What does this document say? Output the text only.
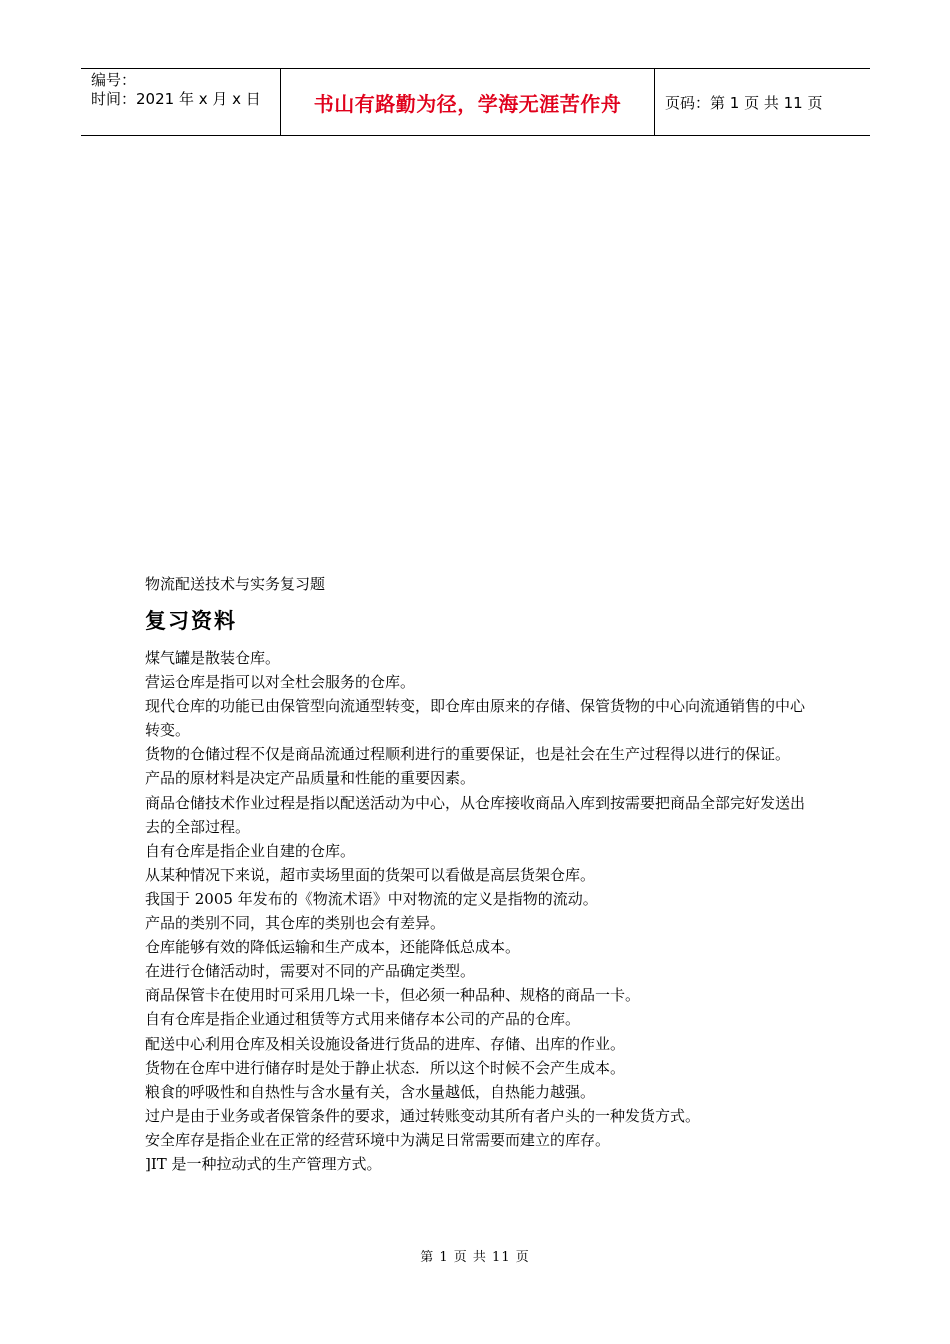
编号：
时间：2021 年 x 月 x 日	书山有路勤为径，学海无涯苦作舟	页码：第 1 页 共 11 页
物流配送技术与实务复习题
复习资料
煤气罐是散装仓库。
营运仓库是指可以对全杜会服务的仓库。
现代仓库的功能已由保管型向流通型转变，即仓库由原来的存储、保管货物的中心向流通销售的中心转变。
货物的仓储过程不仅是商品流通过程顺利进行的重要保证，也是社会在生产过程得以进行的保证。
产品的原材料是决定产品质量和性能的重要因素。
商品仓储技术作业过程是指以配送活动为中心，从仓库接收商品入库到按需要把商品全部完好发送出去的全部过程。
自有仓库是指企业自建的仓库。
从某种情况下来说，超市卖场里面的货架可以看做是高层货架仓库。
我国于 2005 年发布的《物流术语》中对物流的定义是指物的流动。
产品的类别不同，其仓库的类别也会有差异。
仓库能够有效的降低运输和生产成本，还能降低总成本。
在进行仓储活动时，需要对不同的产品确定类型。
商品保管卡在使用时可采用几垛一卡，但必须一种品种、规格的商品一卡。
自有仓库是指企业通过租赁等方式用来储存本公司的产品的仓库。
配送中心利用仓库及相关设施设备进行货品的进库、存储、出库的作业。
货物在仓库中进行储存时是处于静止状态．所以这个时候不会产生成本。
粮食的呼吸性和自热性与含水量有关，含水量越低，自热能力越强。
过户是由于业务或者保管条件的要求，通过转账变动其所有者户头的一种发货方式。
安全库存是指企业在正常的经营环境中为满足日常需要而建立的库存。
]IT 是一种拉动式的生产管理方式。
第 1 页 共 11 页
